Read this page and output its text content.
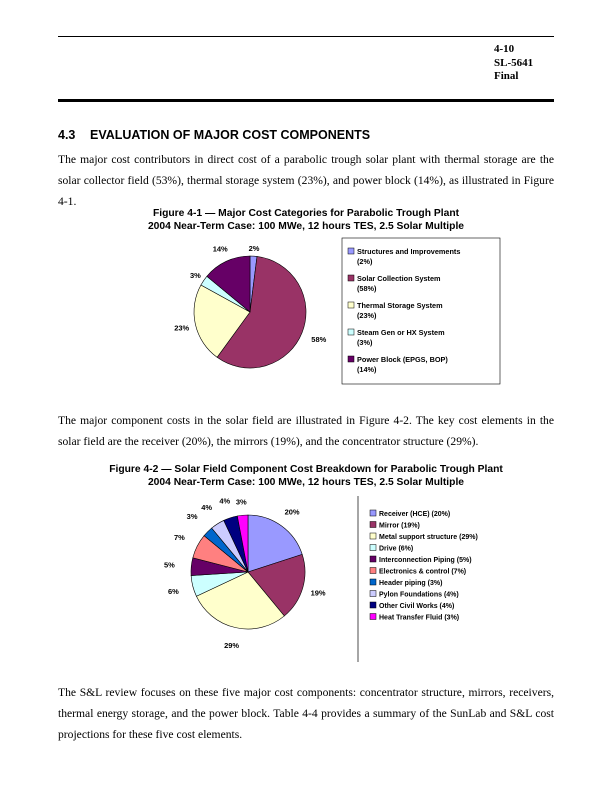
4-10
SL-5641
Final
4.3 EVALUATION OF MAJOR COST COMPONENTS

The major cost contributors in direct cost of a parabolic trough solar plant with thermal storage are the solar collector field (53%), thermal storage system (23%), and power block (14%), as illustrated in Figure 4-1.

Figure 4-1 — Major Cost Categories for Parabolic Trough Plant
2004 Near-Term Case: 100 MWe, 12 hours TES, 2.5 Solar Multiple
2%
58%
23%
3%
14%	Structures and Improvements
(2%)
Solar Collection System
(58%)
Thermal Storage System
(23%)
Steam Gen or HX System
(3%)
Power Block (EPGS, BOP)
(14%)

The major component costs in the solar field are illustrated in Figure 4-2. The key cost elements in the solar field are the receiver (20%), the mirrors (19%), and the concentrator structure (29%).

Figure 4-2 — Solar Field Component Cost Breakdown for Parabolic Trough Plant
2004 Near-Term Case: 100 MWe, 12 hours TES, 2.5 Solar Multiple
20%
19%
29%
6%
5%
7%
3%
4%
4% 3%
Receiver (HCE) (20%)
Mirror (19%)
Metal support structure (29%)
Drive (6%)
Interconnection Piping (5%)
Electronics & control (7%)
Header piping (3%)
Pylon Foundations (4%)
Other Civil Works (4%)
Heat Transfer Fluid (3%)

The S&L review focuses on these five major cost components: concentrator structure, mirrors, receivers, thermal energy storage, and the power block. Table 4-4 provides a summary of the SunLab and S&L cost projections for these five cost elements.
